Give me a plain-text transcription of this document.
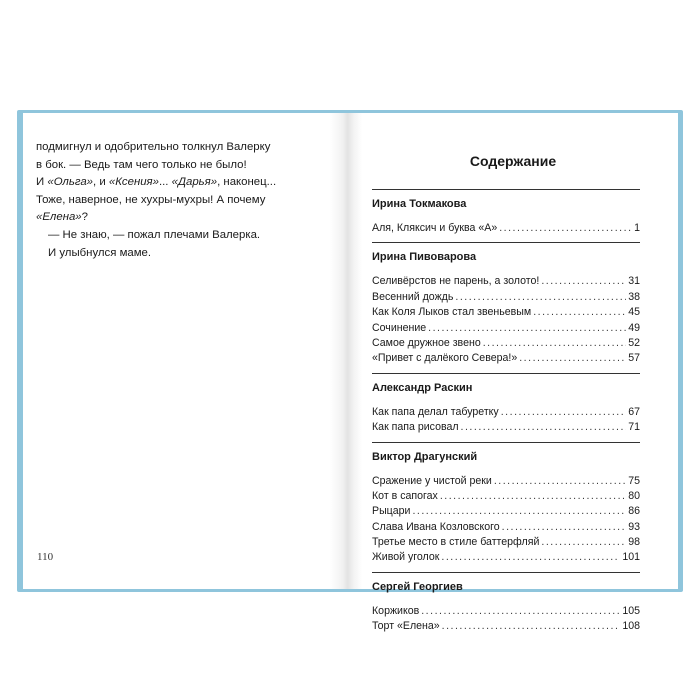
подмигнул и одобрительно толкнул Валерку
в бок. — Ведь там чего только не было!
И «Ольга», и «Ксения»... «Дарья», наконец...
Тоже, наверное, не хухры-мухры! А почему
«Елена»?
— Не знаю, — пожал плечами Валерка.
И улыбнулся маме.
110
Содержание
Ирина Токмакова
Аля, Кляксич и буква «А» .....	1
Ирина Пивоварова
Селивёрстов не парень, а золото! .....	31
Весенний дождь .....	38
Как Коля Лыков стал звеньевым .....	45
Сочинение .....	49
Самое дружное звено .....	52
«Привет с далёкого Севера!» .....	57
Александр Раскин
Как папа делал табуретку .....	67
Как папа рисовал .....	71
Виктор Драгунский
Сражение у чистой реки .....	75
Кот в сапогах .....	80
Рыцари .....	86
Слава Ивана Козловского .....	93
Третье место в стиле баттерфляй .....	98
Живой уголок .....	101
Сергей Георгиев
Коржиков .....	105
Торт «Елена» .....	108
